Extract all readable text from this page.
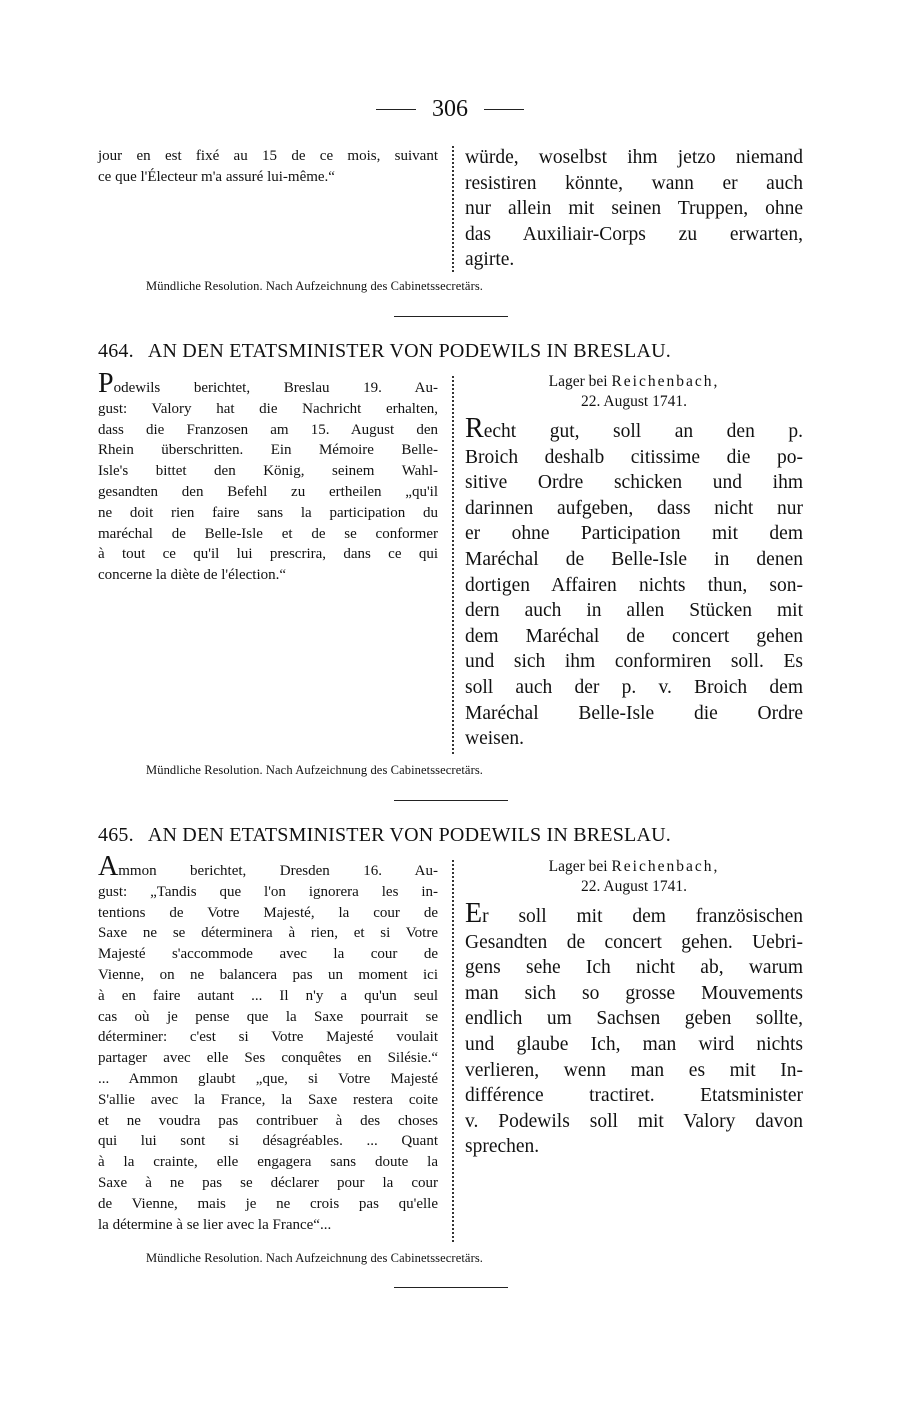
306
jour en est fixé au 15 de ce mois, suivant
ce que l'Électeur m'a assuré lui-même.“
würde, woselbst ihm jetzo niemand
resistiren könnte, wann er auch
nur allein mit seinen Truppen, ohne
das Auxiliair-Corps zu erwarten,
agirte.
Mündliche Resolution. Nach Aufzeichnung des Cabinetssecretärs.
464. AN DEN ETATSMINISTER VON PODEWILS IN BRESLAU.
Podewils berichtet, Breslau 19. Au-
gust: Valory hat die Nachricht erhalten,
dass die Franzosen am 15. August den
Rhein überschritten. Ein Mémoire Belle-
Isle's bittet den König, seinem Wahl-
gesandten den Befehl zu ertheilen „qu'il
ne doit rien faire sans la participation du
maréchal de Belle-Isle et de se conformer
à tout ce qu'il lui prescrira, dans ce qui
concerne la diète de l'élection.“
Lager bei Reichenbach,
22. August 1741.
Recht gut, soll an den p.
Broich deshalb citissime die po-
sitive Ordre schicken und ihm
darinnen aufgeben, dass nicht nur
er ohne Participation mit dem
Maréchal de Belle-Isle in denen
dortigen Affairen nichts thun, son-
dern auch in allen Stücken mit
dem Maréchal de concert gehen
und sich ihm conformiren soll. Es
soll auch der p. v. Broich dem
Maréchal Belle-Isle die Ordre
weisen.
Mündliche Resolution. Nach Aufzeichnung des Cabinetssecretärs.
465. AN DEN ETATSMINISTER VON PODEWILS IN BRESLAU.
Ammon berichtet, Dresden 16. Au-
gust: „Tandis que l'on ignorera les in-
tentions de Votre Majesté, la cour de
Saxe ne se déterminera à rien, et si Votre
Majesté s'accommode avec la cour de
Vienne, on ne balancera pas un moment ici
à en faire autant ... Il n'y a qu'un seul
cas où je pense que la Saxe pourrait se
déterminer: c'est si Votre Majesté voulait
partager avec elle Ses conquêtes en Silésie.“
... Ammon glaubt „que, si Votre Majesté
S'allie avec la France, la Saxe restera coite
et ne voudra pas contribuer à des choses
qui lui sont si désagréables. ... Quant
à la crainte, elle engagera sans doute la
Saxe à ne pas se déclarer pour la cour
de Vienne, mais je ne crois pas qu'elle
la détermine à se lier avec la France“...
Lager bei Reichenbach,
22. August 1741.
Er soll mit dem französischen
Gesandten de concert gehen. Uebri-
gens sehe Ich nicht ab, warum
man sich so grosse Mouvements
endlich um Sachsen geben sollte,
und glaube Ich, man wird nichts
verlieren, wenn man es mit In-
différence tractiret. Etatsminister
v. Podewils soll mit Valory davon
sprechen.
Mündliche Resolution. Nach Aufzeichnung des Cabinetssecretärs.
